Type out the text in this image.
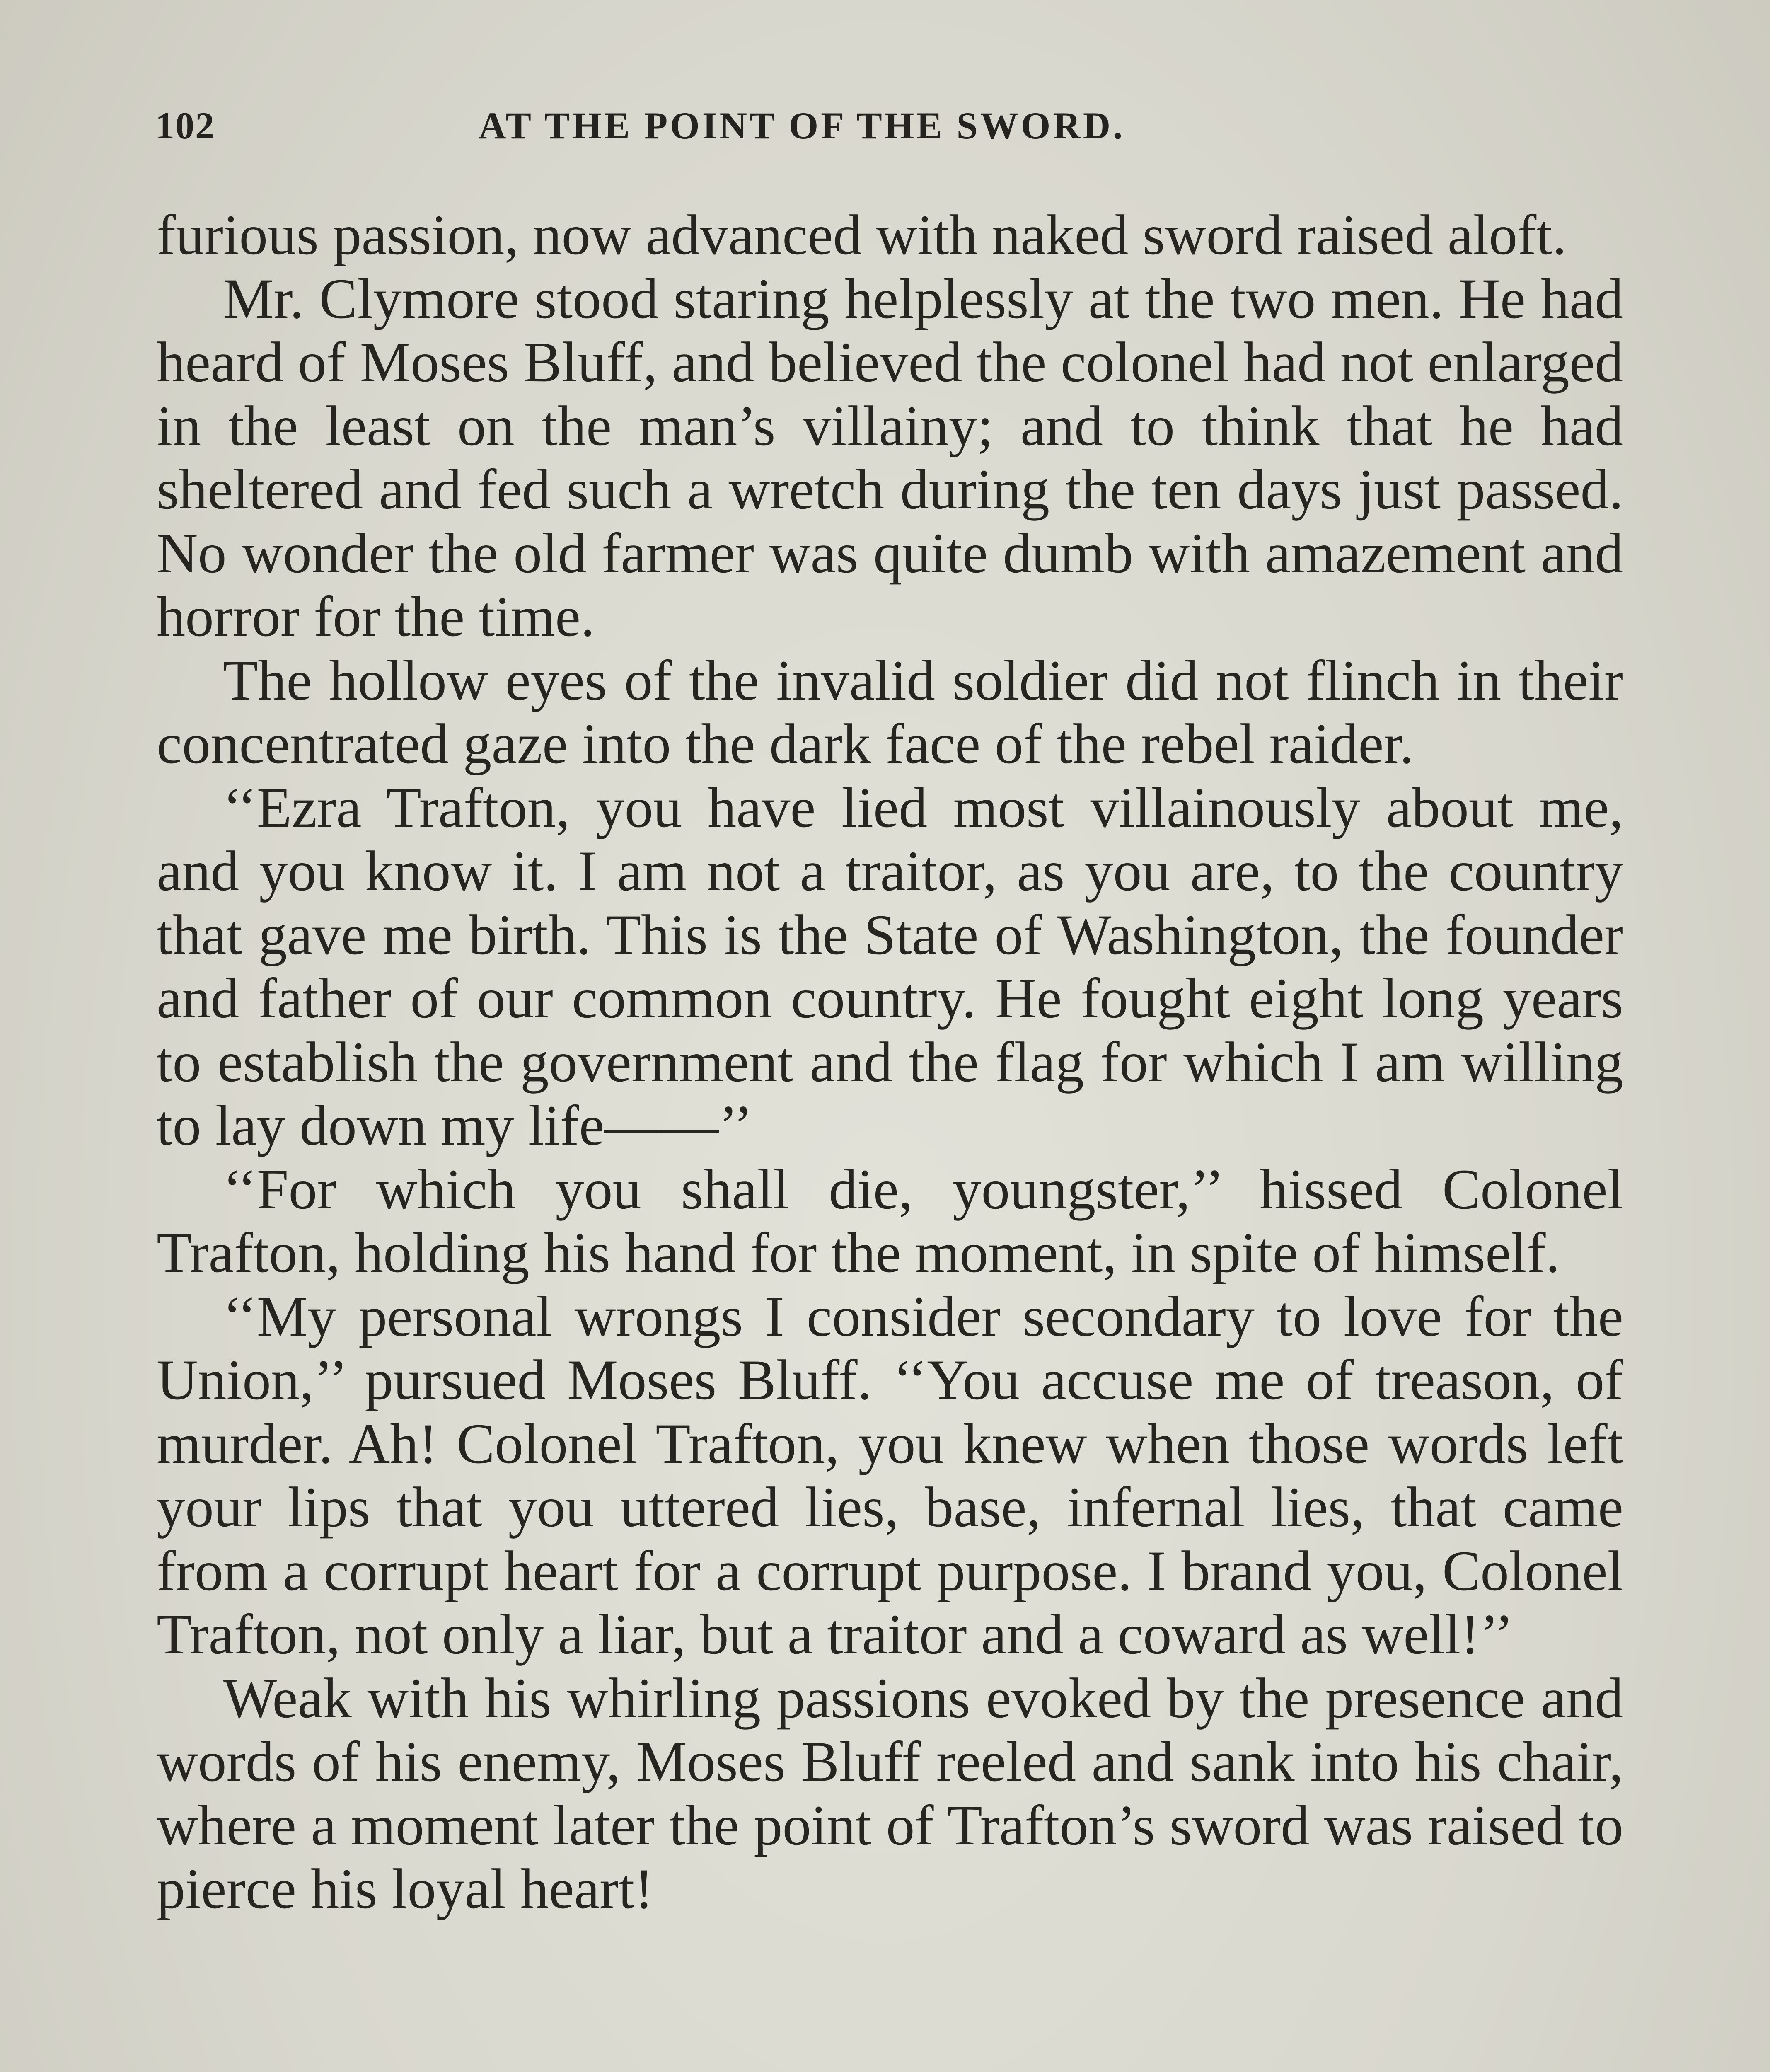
102	AT THE POINT OF THE SWORD.

furious passion, now advanced with naked sword raised aloft.

Mr. Clymore stood staring helplessly at the two men. He had heard of Moses Bluff, and believed the colonel had not enlarged in the least on the man’s villainy; and to think that he had sheltered and fed such a wretch during the ten days just passed. No wonder the old farmer was quite dumb with amazement and horror for the time.

The hollow eyes of the invalid soldier did not flinch in their concentrated gaze into the dark face of the rebel raider.

‘‘Ezra Trafton, you have lied most villainously about me, and you know it. I am not a traitor, as you are, to the country that gave me birth. This is the State of Washington, the founder and father of our common country. He fought eight long years to establish the government and the flag for which I am willing to lay down my life——’’

‘‘For which you shall die, youngster,’’ hissed Colonel Trafton, holding his hand for the moment, in spite of himself.

‘‘My personal wrongs I consider secondary to love for the Union,’’ pursued Moses Bluff. ‘‘You accuse me of treason, of murder. Ah! Colonel Trafton, you knew when those words left your lips that you uttered lies, base, infernal lies, that came from a corrupt heart for a corrupt purpose. I brand you, Colonel Trafton, not only a liar, but a traitor and a coward as well!’’

Weak with his whirling passions evoked by the presence and words of his enemy, Moses Bluff reeled and sank into his chair, where a moment later the point of Trafton’s sword was raised to pierce his loyal heart!
